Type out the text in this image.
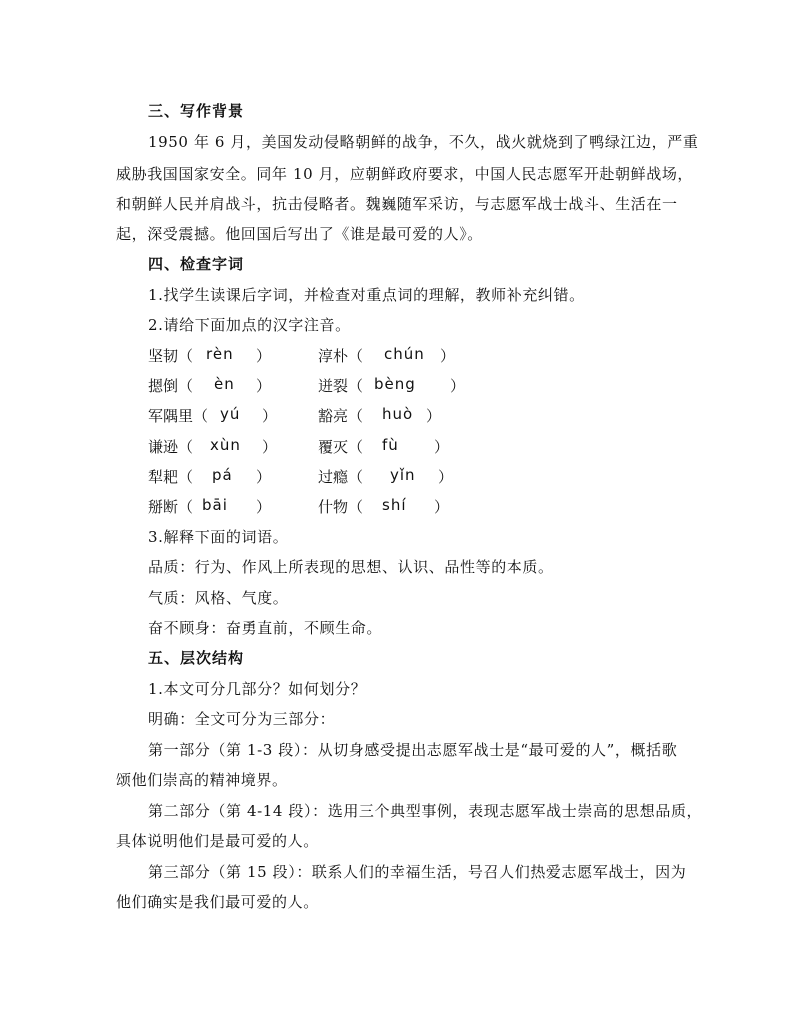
三、写作背景
1950 年 6 月，美国发动侵略朝鲜的战争，不久，战火就烧到了鸭绿江边，严重
威胁我国国家安全。同年 10 月，应朝鲜政府要求，中国人民志愿军开赴朝鲜战场，
和朝鲜人民并肩战斗，抗击侵略者。魏巍随军采访，与志愿军战士战斗、生活在一
起，深受震撼。他回国后写出了《谁是最可爱的人》。
四、检查字词
1.找学生读课后字词，并检查对重点词的理解，教师补充纠错。
2.请给下面加点的汉字注音。
坚韧（ rèn ）	淳朴（ chún ）
摁倒（ èn ）	迸裂（ bèng ）
军隅里（ yú ）	豁亮（ huò ）
谦逊（ xùn ）	覆灭（ fù ）
犁耙（ pá ）	过瘾（ yǐn ）
掰断（ bāi ）	什物（ shí ）
3.解释下面的词语。
品质：行为、作风上所表现的思想、认识、品性等的本质。
气质：风格、气度。
奋不顾身：奋勇直前，不顾生命。
五、层次结构
1.本文可分几部分？如何划分？
明确：全文可分为三部分：
第一部分（第 1-3 段）：从切身感受提出志愿军战士是“最可爱的人”，概括歌
颂他们崇高的精神境界。
第二部分（第 4-14 段）：选用三个典型事例，表现志愿军战士崇高的思想品质，
具体说明他们是最可爱的人。
第三部分（第 15 段）：联系人们的幸福生活，号召人们热爱志愿军战士，因为
他们确实是我们最可爱的人。
